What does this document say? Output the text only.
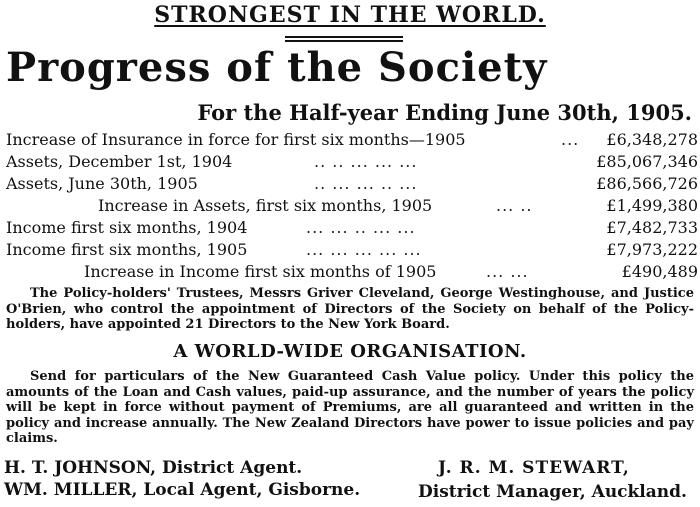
STRONGEST IN THE WORLD.
Progress of the Society
For the Half-year Ending June 30th, 1905.
Increase of Insurance in force for first six months—1905	... £6,348,278
Assets, December 1st, 1904	.. .. ... ... ...	£85,067,346
Assets, June 30th, 1905	.. ... ... .. ...	£86,566,726
Increase in Assets, first six months, 1905	... ..	£1,499,380
Income first six months, 1904	... ... .. ... ...	£7,482,733
Income first six months, 1905	... ... ... ... ...	£7,973,222
Increase in Income first six months of 1905	... ...	£490,489
The Policy-holders' Trustees, Messrs Griver Cleveland, George Westinghouse, and Justice O'Brien, who control the appointment of Directors of the Society on behalf of the Policy-holders, have appointed 21 Directors to the New York Board.
A WORLD-WIDE ORGANISATION.
Send for particulars of the New Guaranteed Cash Value policy. Under this policy the amounts of the Loan and Cash values, paid-up assurance, and the number of years the policy will be kept in force without payment of Premiums, are all guaranteed and written in the policy and increase annually. The New Zealand Directors have power to issue policies and pay claims.
H. T. JOHNSON, District Agent.
WM. MILLER, Local Agent, Gisborne.
J. R. M. STEWART,
District Manager, Auckland.
